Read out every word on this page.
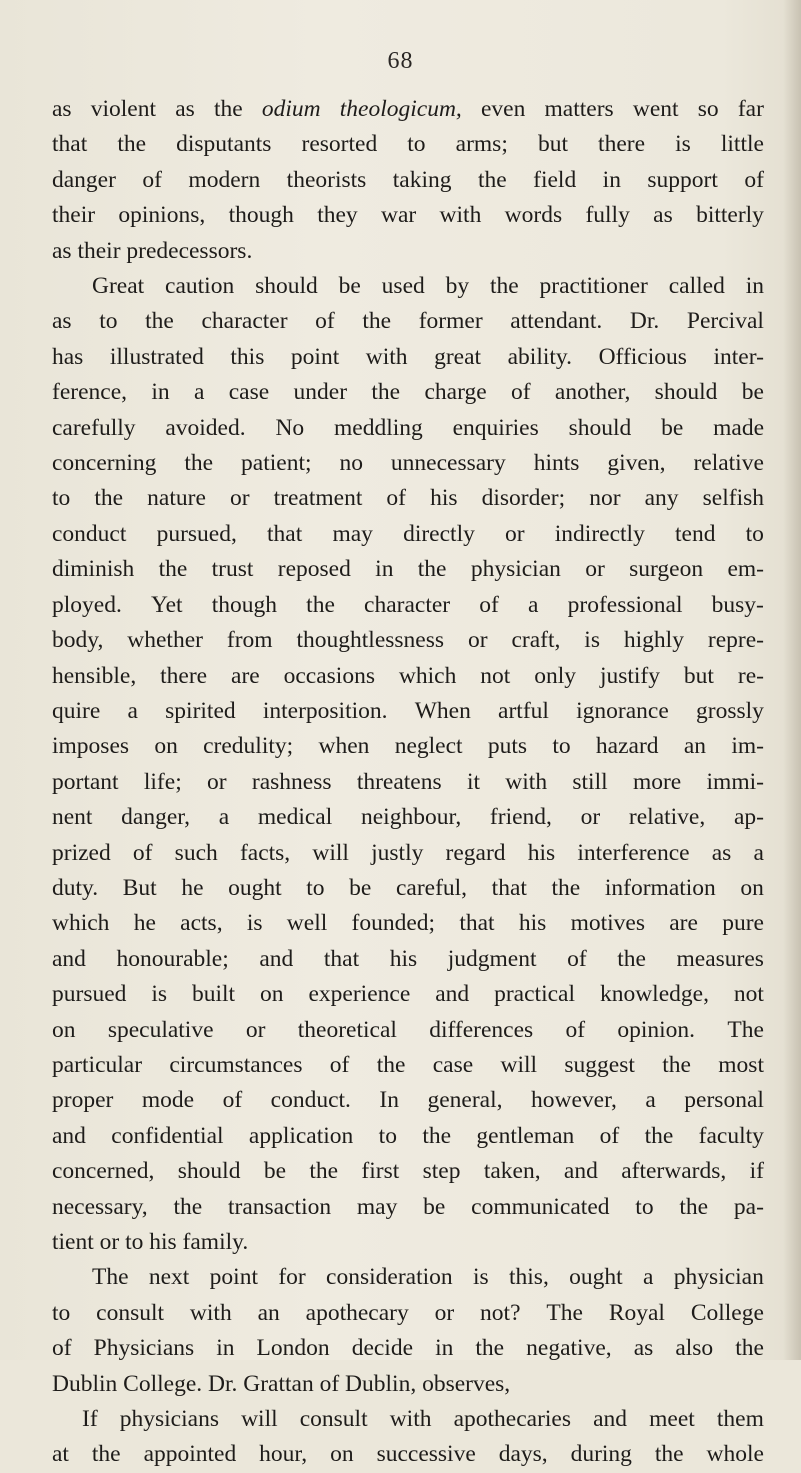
68
as violent as the odium theologicum, even matters went so far
that the disputants resorted to arms; but there is little
danger of modern theorists taking the field in support of
their opinions, though they war with words fully as bitterly
as their predecessors.
Great caution should be used by the practitioner called in
as to the character of the former attendant. Dr. Percival
has illustrated this point with great ability. Officious inter-
ference, in a case under the charge of another, should be
carefully avoided. No meddling enquiries should be made
concerning the patient; no unnecessary hints given, relative
to the nature or treatment of his disorder; nor any selfish
conduct pursued, that may directly or indirectly tend to
diminish the trust reposed in the physician or surgeon em-
ployed. Yet though the character of a professional busy-
body, whether from thoughtlessness or craft, is highly repre-
hensible, there are occasions which not only justify but re-
quire a spirited interposition. When artful ignorance grossly
imposes on credulity; when neglect puts to hazard an im-
portant life; or rashness threatens it with still more immi-
nent danger, a medical neighbour, friend, or relative, ap-
prized of such facts, will justly regard his interference as a
duty. But he ought to be careful, that the information on
which he acts, is well founded; that his motives are pure
and honourable; and that his judgment of the measures
pursued is built on experience and practical knowledge, not
on speculative or theoretical differences of opinion. The
particular circumstances of the case will suggest the most
proper mode of conduct. In general, however, a personal
and confidential application to the gentleman of the faculty
concerned, should be the first step taken, and afterwards, if
necessary, the transaction may be communicated to the pa-
tient or to his family.
The next point for consideration is this, ought a physician
to consult with an apothecary or not? The Royal College
of Physicians in London decide in the negative, as also the
Dublin College. Dr. Grattan of Dublin, observes,
If physicians will consult with apothecaries and meet them
at the appointed hour, on successive days, during the whole
